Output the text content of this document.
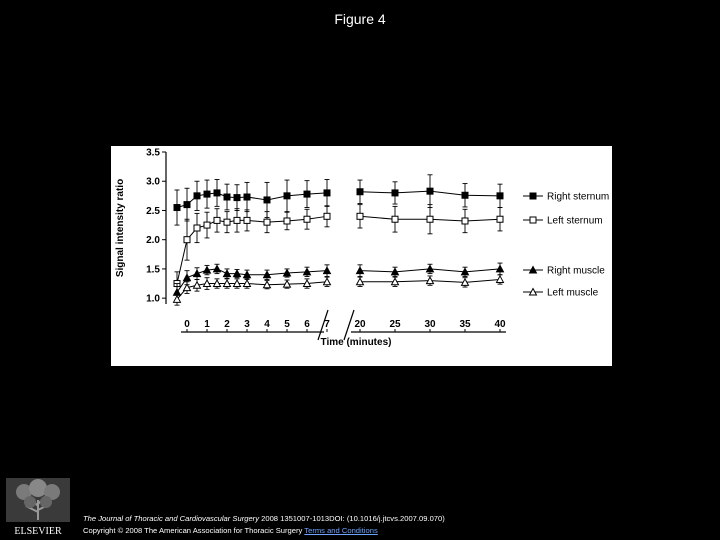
Figure 4
1.0
1.5
2.0
2.5
3.0
3.5
Signal intensity ratio
0 1 2 3 4 5 6 7 20 25 30 35 40
Time (minutes)
Right sternum
Left sternum
Right muscle
Left muscle
ELSEVIER
The Journal of Thoracic and Cardiovascular Surgery 2008 1351007-1013DOI: (10.1016/j.jtcvs.2007.09.070)
Copyright © 2008 The American Association for Thoracic Surgery Terms and Conditions
